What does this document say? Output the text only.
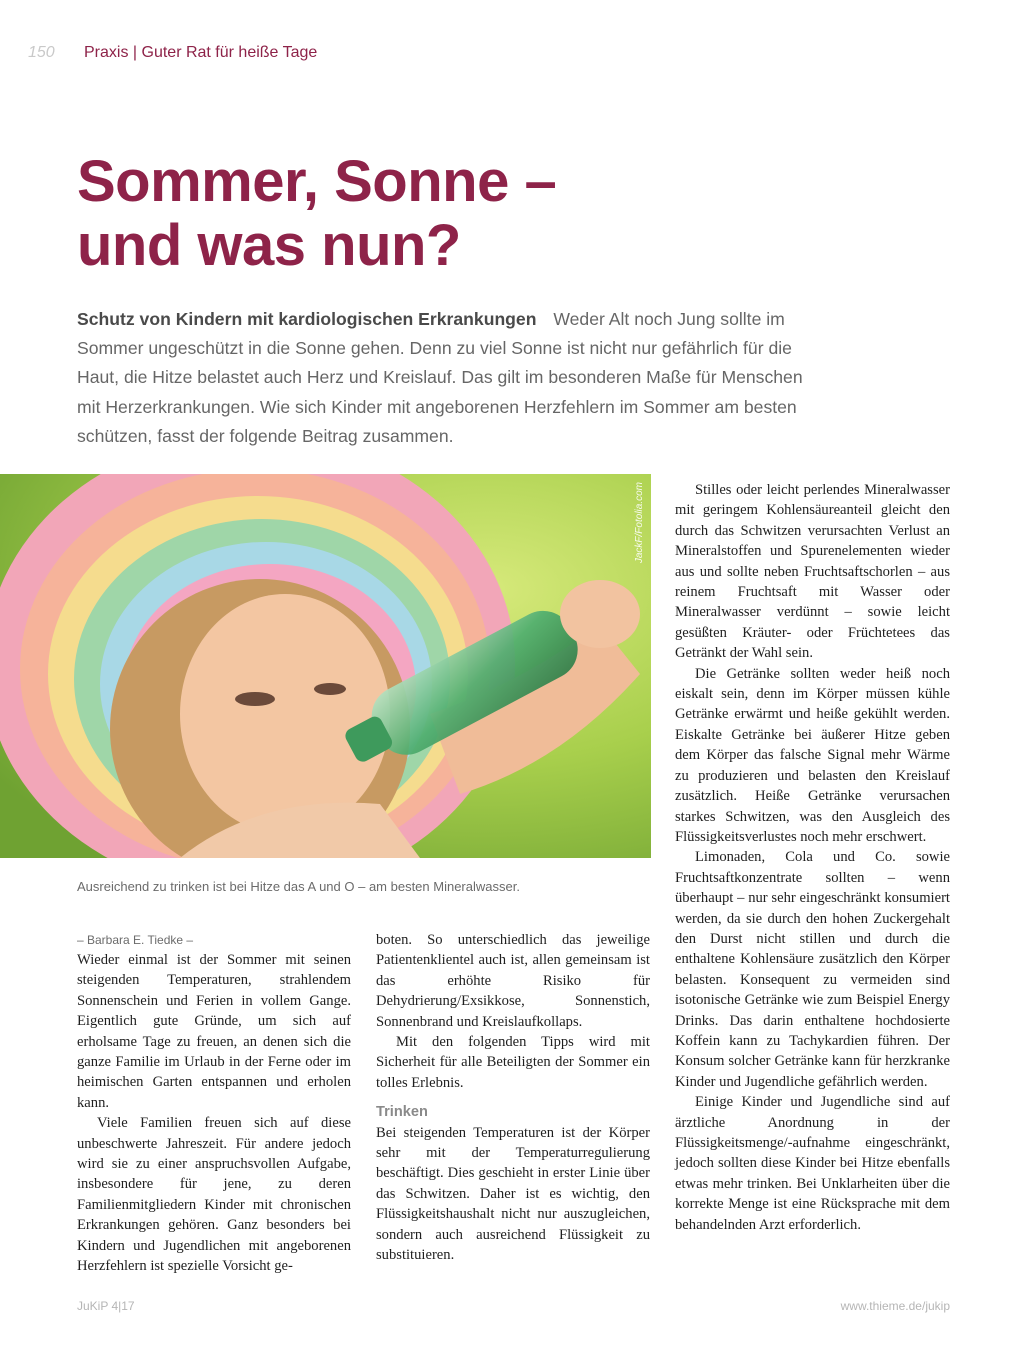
150 Praxis | Guter Rat für heiße Tage
Sommer, Sonne –
und was nun?

Schutz von Kindern mit kardiologischen Erkrankungen Weder Alt noch Jung sollte im Sommer ungeschützt in die Sonne gehen. Denn zu viel Sonne ist nicht nur gefährlich für die Haut, die Hitze belastet auch Herz und Kreislauf. Das gilt im besonderen Maße für Menschen mit Herzerkrankungen. Wie sich Kinder mit angeborenen Herzfehlern im Sommer am besten schützen, fasst der folgende Beitrag zusammen.

JackF/Fotolia.com

Ausreichend zu trinken ist bei Hitze das A und O – am besten Mineralwasser.

– Barbara E. Tiedke –

Wieder einmal ist der Sommer mit seinen steigenden Temperaturen, strahlendem Sonnenschein und Ferien in vollem Gange. Eigentlich gute Gründe, um sich auf erholsame Tage zu freuen, an denen sich die ganze Familie im Urlaub in der Ferne oder im heimischen Garten entspannen und erholen kann.

Viele Familien freuen sich auf diese unbeschwerte Jahreszeit. Für andere jedoch wird sie zu einer anspruchsvollen Aufgabe, insbesondere für jene, zu deren Familienmitgliedern Kinder mit chronischen Erkrankungen gehören. Ganz besonders bei Kindern und Jugendlichen mit angeborenen Herzfehlern ist spezielle Vorsicht ge-

boten. So unterschiedlich das jeweilige Patientenklientel auch ist, allen gemeinsam ist das erhöhte Risiko für Dehydrierung/Exsikkose, Sonnenstich, Sonnenbrand und Kreislaufkollaps.

Mit den folgenden Tipps wird mit Sicherheit für alle Beteiligten der Sommer ein tolles Erlebnis.

Trinken

Bei steigenden Temperaturen ist der Körper sehr mit der Temperaturregulierung beschäftigt. Dies geschieht in erster Linie über das Schwitzen. Daher ist es wichtig, den Flüssigkeitshaushalt nicht nur auszugleichen, sondern auch ausreichend Flüssigkeit zu substituieren.

Stilles oder leicht perlendes Mineralwasser mit geringem Kohlensäureanteil gleicht den durch das Schwitzen verursachten Verlust an Mineralstoffen und Spurenelementen wieder aus und sollte neben Fruchtsaftschorlen – aus reinem Fruchtsaft mit Wasser oder Mineralwasser verdünnt – sowie leicht gesüßten Kräuter- oder Früchtetees das Getränkt der Wahl sein.

Die Getränke sollten weder heiß noch eiskalt sein, denn im Körper müssen kühle Getränke erwärmt und heiße gekühlt werden. Eiskalte Getränke bei äußerer Hitze geben dem Körper das falsche Signal mehr Wärme zu produzieren und belasten den Kreislauf zusätzlich. Heiße Getränke verursachen starkes Schwitzen, was den Ausgleich des Flüssigkeitsverlustes noch mehr erschwert.

Limonaden, Cola und Co. sowie Fruchtsaftkonzentrate sollten – wenn überhaupt – nur sehr eingeschränkt konsumiert werden, da sie durch den hohen Zuckergehalt den Durst nicht stillen und durch die enthaltene Kohlensäure zusätzlich den Körper belasten. Konsequent zu vermeiden sind isotonische Getränke wie zum Beispiel Energy Drinks. Das darin enthaltene hochdosierte Koffein kann zu Tachykardien führen. Der Konsum solcher Getränke kann für herzkranke Kinder und Jugendliche gefährlich werden.

Einige Kinder und Jugendliche sind auf ärztliche Anordnung in der Flüssigkeitsmenge/-aufnahme eingeschränkt, jedoch sollten diese Kinder bei Hitze ebenfalls etwas mehr trinken. Bei Unklarheiten über die korrekte Menge ist eine Rücksprache mit dem behandelnden Arzt erforderlich.

JuKiP 4|17	www.thieme.de/jukip
